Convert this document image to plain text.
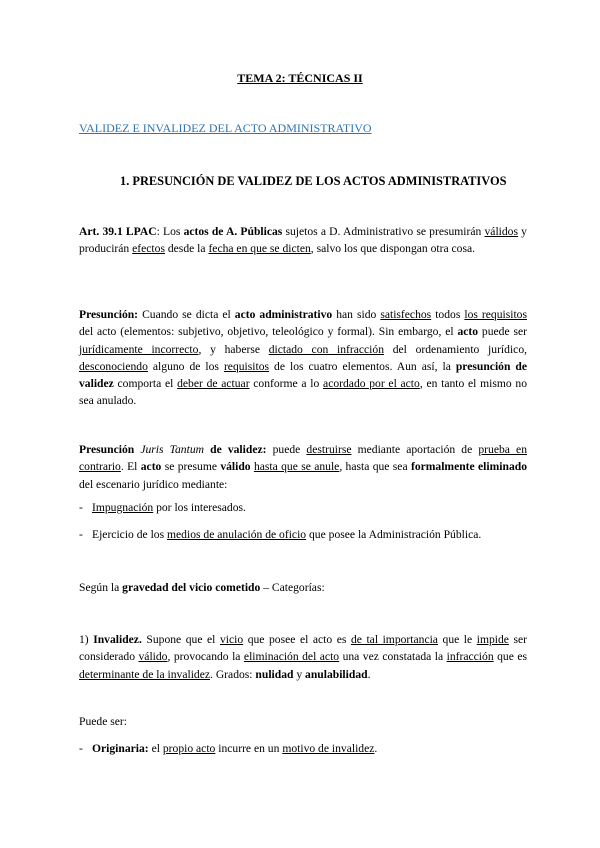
TEMA 2: TÉCNICAS II
VALIDEZ E INVALIDEZ DEL ACTO ADMINISTRATIVO
1. PRESUNCIÓN DE VALIDEZ DE LOS ACTOS ADMINISTRATIVOS
Art. 39.1 LPAC: Los actos de A. Públicas sujetos a D. Administrativo se presumirán válidos y producirán efectos desde la fecha en que se dicten, salvo los que dispongan otra cosa.
Presunción: Cuando se dicta el acto administrativo han sido satisfechos todos los requisitos del acto (elementos: subjetivo, objetivo, teleológico y formal). Sin embargo, el acto puede ser jurídicamente incorrecto, y haberse dictado con infracción del ordenamiento jurídico, desconociendo alguno de los requisitos de los cuatro elementos. Aun así, la presunción de validez comporta el deber de actuar conforme a lo acordado por el acto, en tanto el mismo no sea anulado.
Presunción Juris Tantum de validez: puede destruirse mediante aportación de prueba en contrario. El acto se presume válido hasta que se anule, hasta que sea formalmente eliminado del escenario jurídico mediante:
- Impugnación por los interesados.
- Ejercicio de los medios de anulación de oficio que posee la Administración Pública.
Según la gravedad del vicio cometido – Categorías:
1) Invalidez. Supone que el vicio que posee el acto es de tal importancia que le impide ser considerado válido, provocando la eliminación del acto una vez constatada la infracción que es determinante de la invalidez. Grados: nulidad y anulabilidad.
Puede ser:
- Originaria: el propio acto incurre en un motivo de invalidez.
